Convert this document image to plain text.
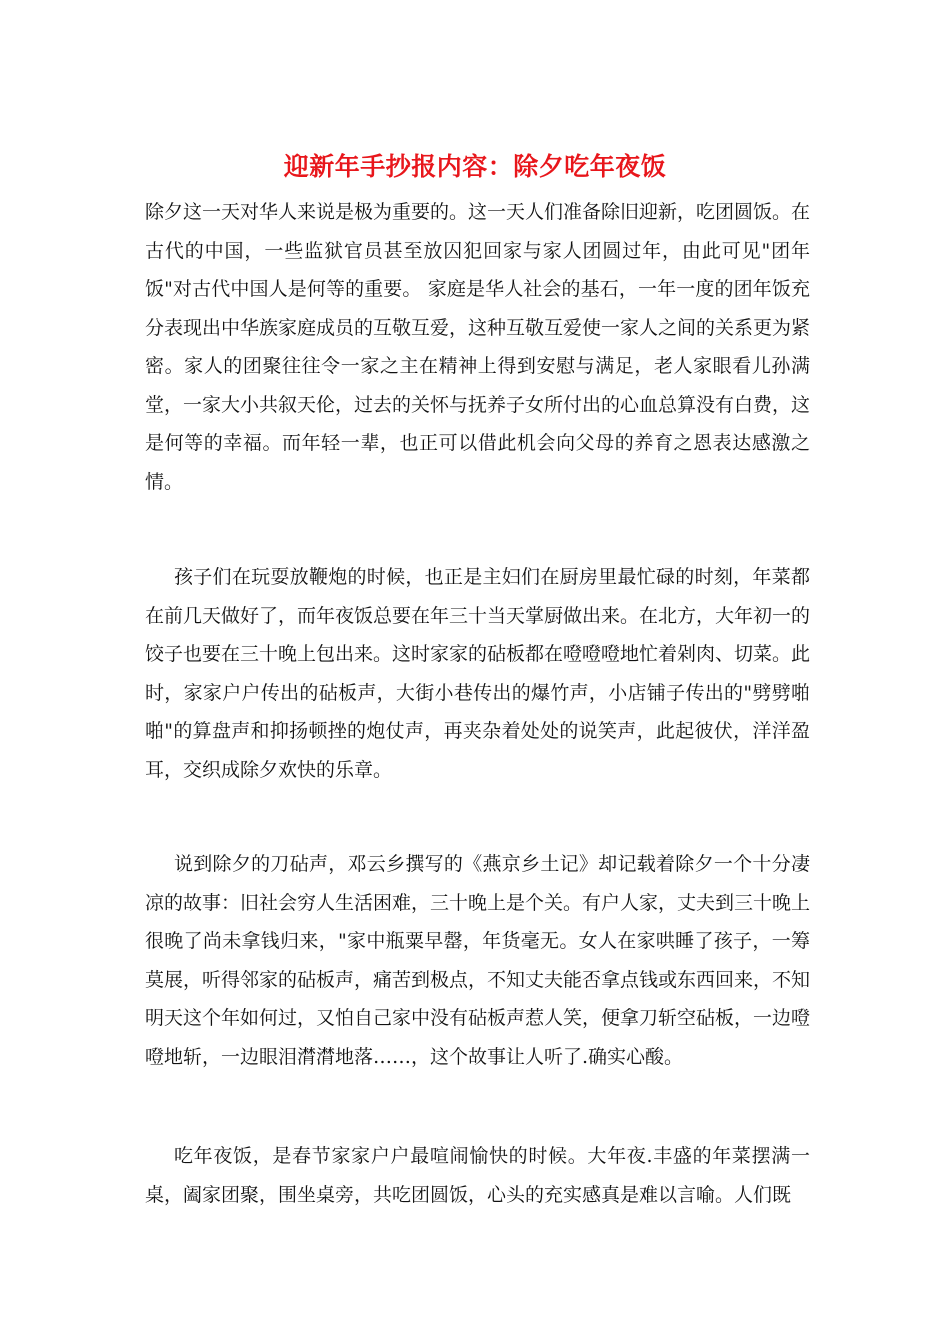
迎新年手抄报内容：除夕吃年夜饭

除夕这一天对华人来说是极为重要的。这一天人们准备除旧迎新，吃团圆饭。在古代的中国，一些监狱官员甚至放囚犯回家与家人团圆过年，由此可见"团年饭"对古代中国人是何等的重要。 家庭是华人社会的基石，一年一度的团年饭充分表现出中华族家庭成员的互敬互爱，这种互敬互爱使一家人之间的关系更为紧密。家人的团聚往往令一家之主在精神上得到安慰与满足，老人家眼看儿孙满堂，一家大小共叙天伦，过去的关怀与抚养子女所付出的心血总算没有白费，这是何等的幸福。而年轻一辈，也正可以借此机会向父母的养育之恩表达感激之情。

孩子们在玩耍放鞭炮的时候，也正是主妇们在厨房里最忙碌的时刻，年菜都在前几天做好了，而年夜饭总要在年三十当天掌厨做出来。在北方，大年初一的饺子也要在三十晚上包出来。这时家家的砧板都在噔噔噔地忙着剁肉、切菜。此时，家家户户传出的砧板声，大街小巷传出的爆竹声，小店铺子传出的"劈劈啪啪"的算盘声和抑扬顿挫的炮仗声，再夹杂着处处的说笑声，此起彼伏，洋洋盈耳，交织成除夕欢快的乐章。

说到除夕的刀砧声，邓云乡撰写的《燕京乡土记》却记载着除夕一个十分凄凉的故事：旧社会穷人生活困难，三十晚上是个关。有户人家，丈夫到三十晚上很晚了尚未拿钱归来，"家中瓶粟早罄，年货毫无。女人在家哄睡了孩子，一筹莫展，听得邻家的砧板声，痛苦到极点，不知丈夫能否拿点钱或东西回来，不知明天这个年如何过，又怕自己家中没有砧板声惹人笑，便拿刀斩空砧板，一边噔噔地斩，一边眼泪潸潸地落……，这个故事让人听了.确实心酸。

吃年夜饭，是春节家家户户最喧闹愉快的时候。大年夜.丰盛的年菜摆满一桌，阖家团聚，围坐桌旁，共吃团圆饭，心头的充实感真是难以言喻。人们既
